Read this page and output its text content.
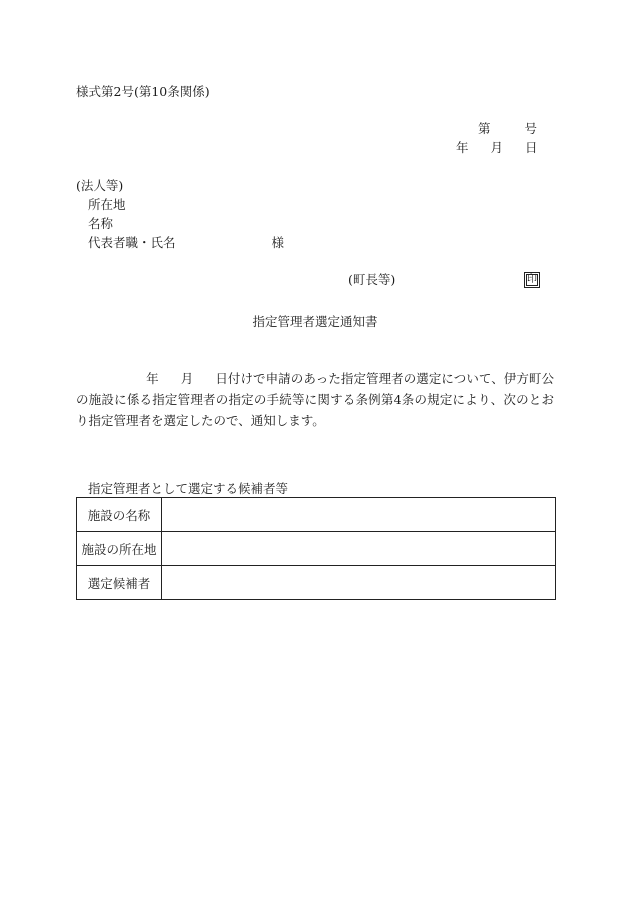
様式第2号(第10条関係)
第	号
年 月 日
(法人等)
所在地
名称
代表者職・氏名	様
(町長等)	印
指定管理者選定通知書
年 月 日付けで申請のあった指定管理者の選定について、伊方町公の施設に係る指定管理者の指定の手続等に関する条例第4条の規定により、次のとおり指定管理者を選定したので、通知します。
指定管理者として選定する候補者等
施設の名称	
施設の所在地	
選定候補者	
